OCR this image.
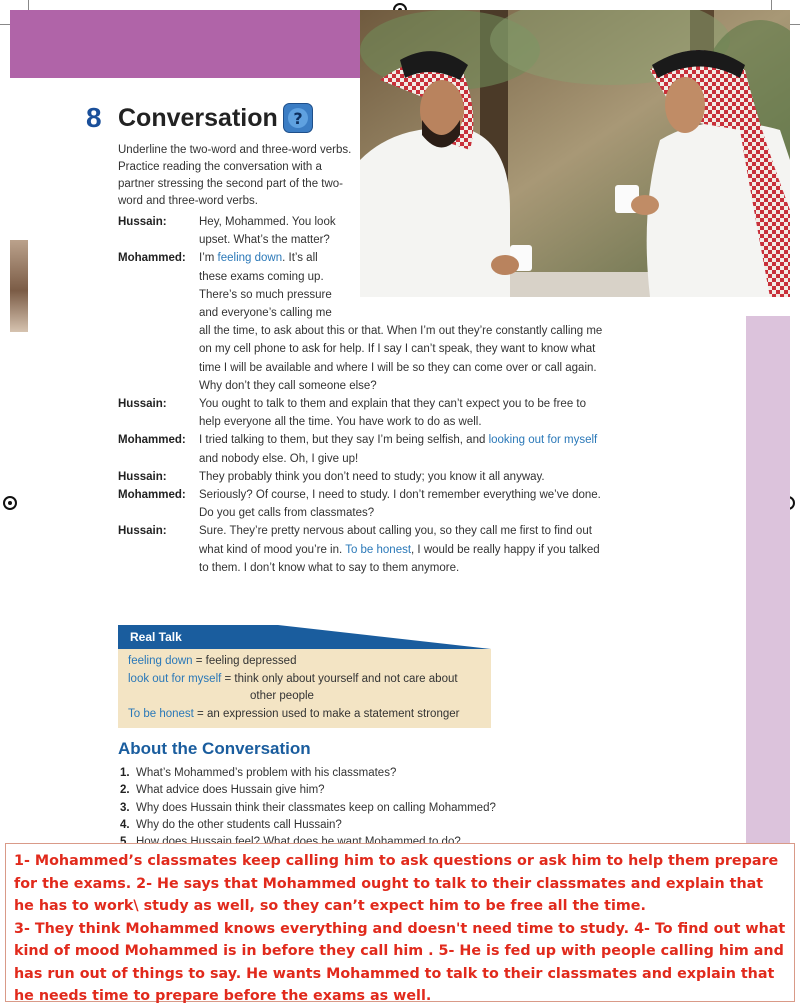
8 Conversation ?
Underline the two-word and three-word verbs. Practice reading the conversation with a partner stressing the second part of the two-word and three-word verbs.
Hussain:	Hey, Mohammed. You look
upset. What’s the matter?
Mohammed: I’m feeling down. It’s all
these exams coming up.
There’s so much pressure
and everyone’s calling me
all the time, to ask about this or that. When I’m out they’re constantly calling me
on my cell phone to ask for help. If I say I can’t speak, they want to know what
time I will be available and where I will be so they can come over or call again.
Why don’t they call someone else?
Hussain:	You ought to talk to them and explain that they can’t expect you to be free to
help everyone all the time. You have work to do as well.
Mohammed: I tried talking to them, but they say I’m being selfish, and looking out for myself
and nobody else. Oh, I give up!
Hussain:	They probably think you don’t need to study; you know it all anyway.
Mohammed: Seriously? Of course, I need to study. I don’t remember everything we’ve done.
Do you get calls from classmates?
Hussain:	Sure. They’re pretty nervous about calling you, so they call me first to find out
what kind of mood you’re in. To be honest, I would be really happy if you talked
to them. I don’t know what to say to them anymore.
Real Talk
feeling down = feeling depressed
look out for myself = think only about yourself and not care about
other people
To be honest = an expression used to make a statement stronger
About the Conversation
1. What’s Mohammed’s problem with his classmates?
2. What advice does Hussain give him?
3. Why does Hussain think their classmates keep on calling Mohammed?
4. Why do the other students call Hussain?

1- Mohammed’s classmates keep calling him to ask questions or ask him to help them prepare for the exams. 2- He says that Mohammed ought to talk to their classmates and explain that he has to work\ study as well, so they can’t expect him to be free all the time.

3- They think Mohammed knows everything and doesn't need time to study. 4- To find out what kind of mood Mohammed is in before they call him . 5- He is fed up with people calling him and has run out of things to say. He wants Mohammed to talk to their classmates and explain that he needs time to prepare before the exams as well.
